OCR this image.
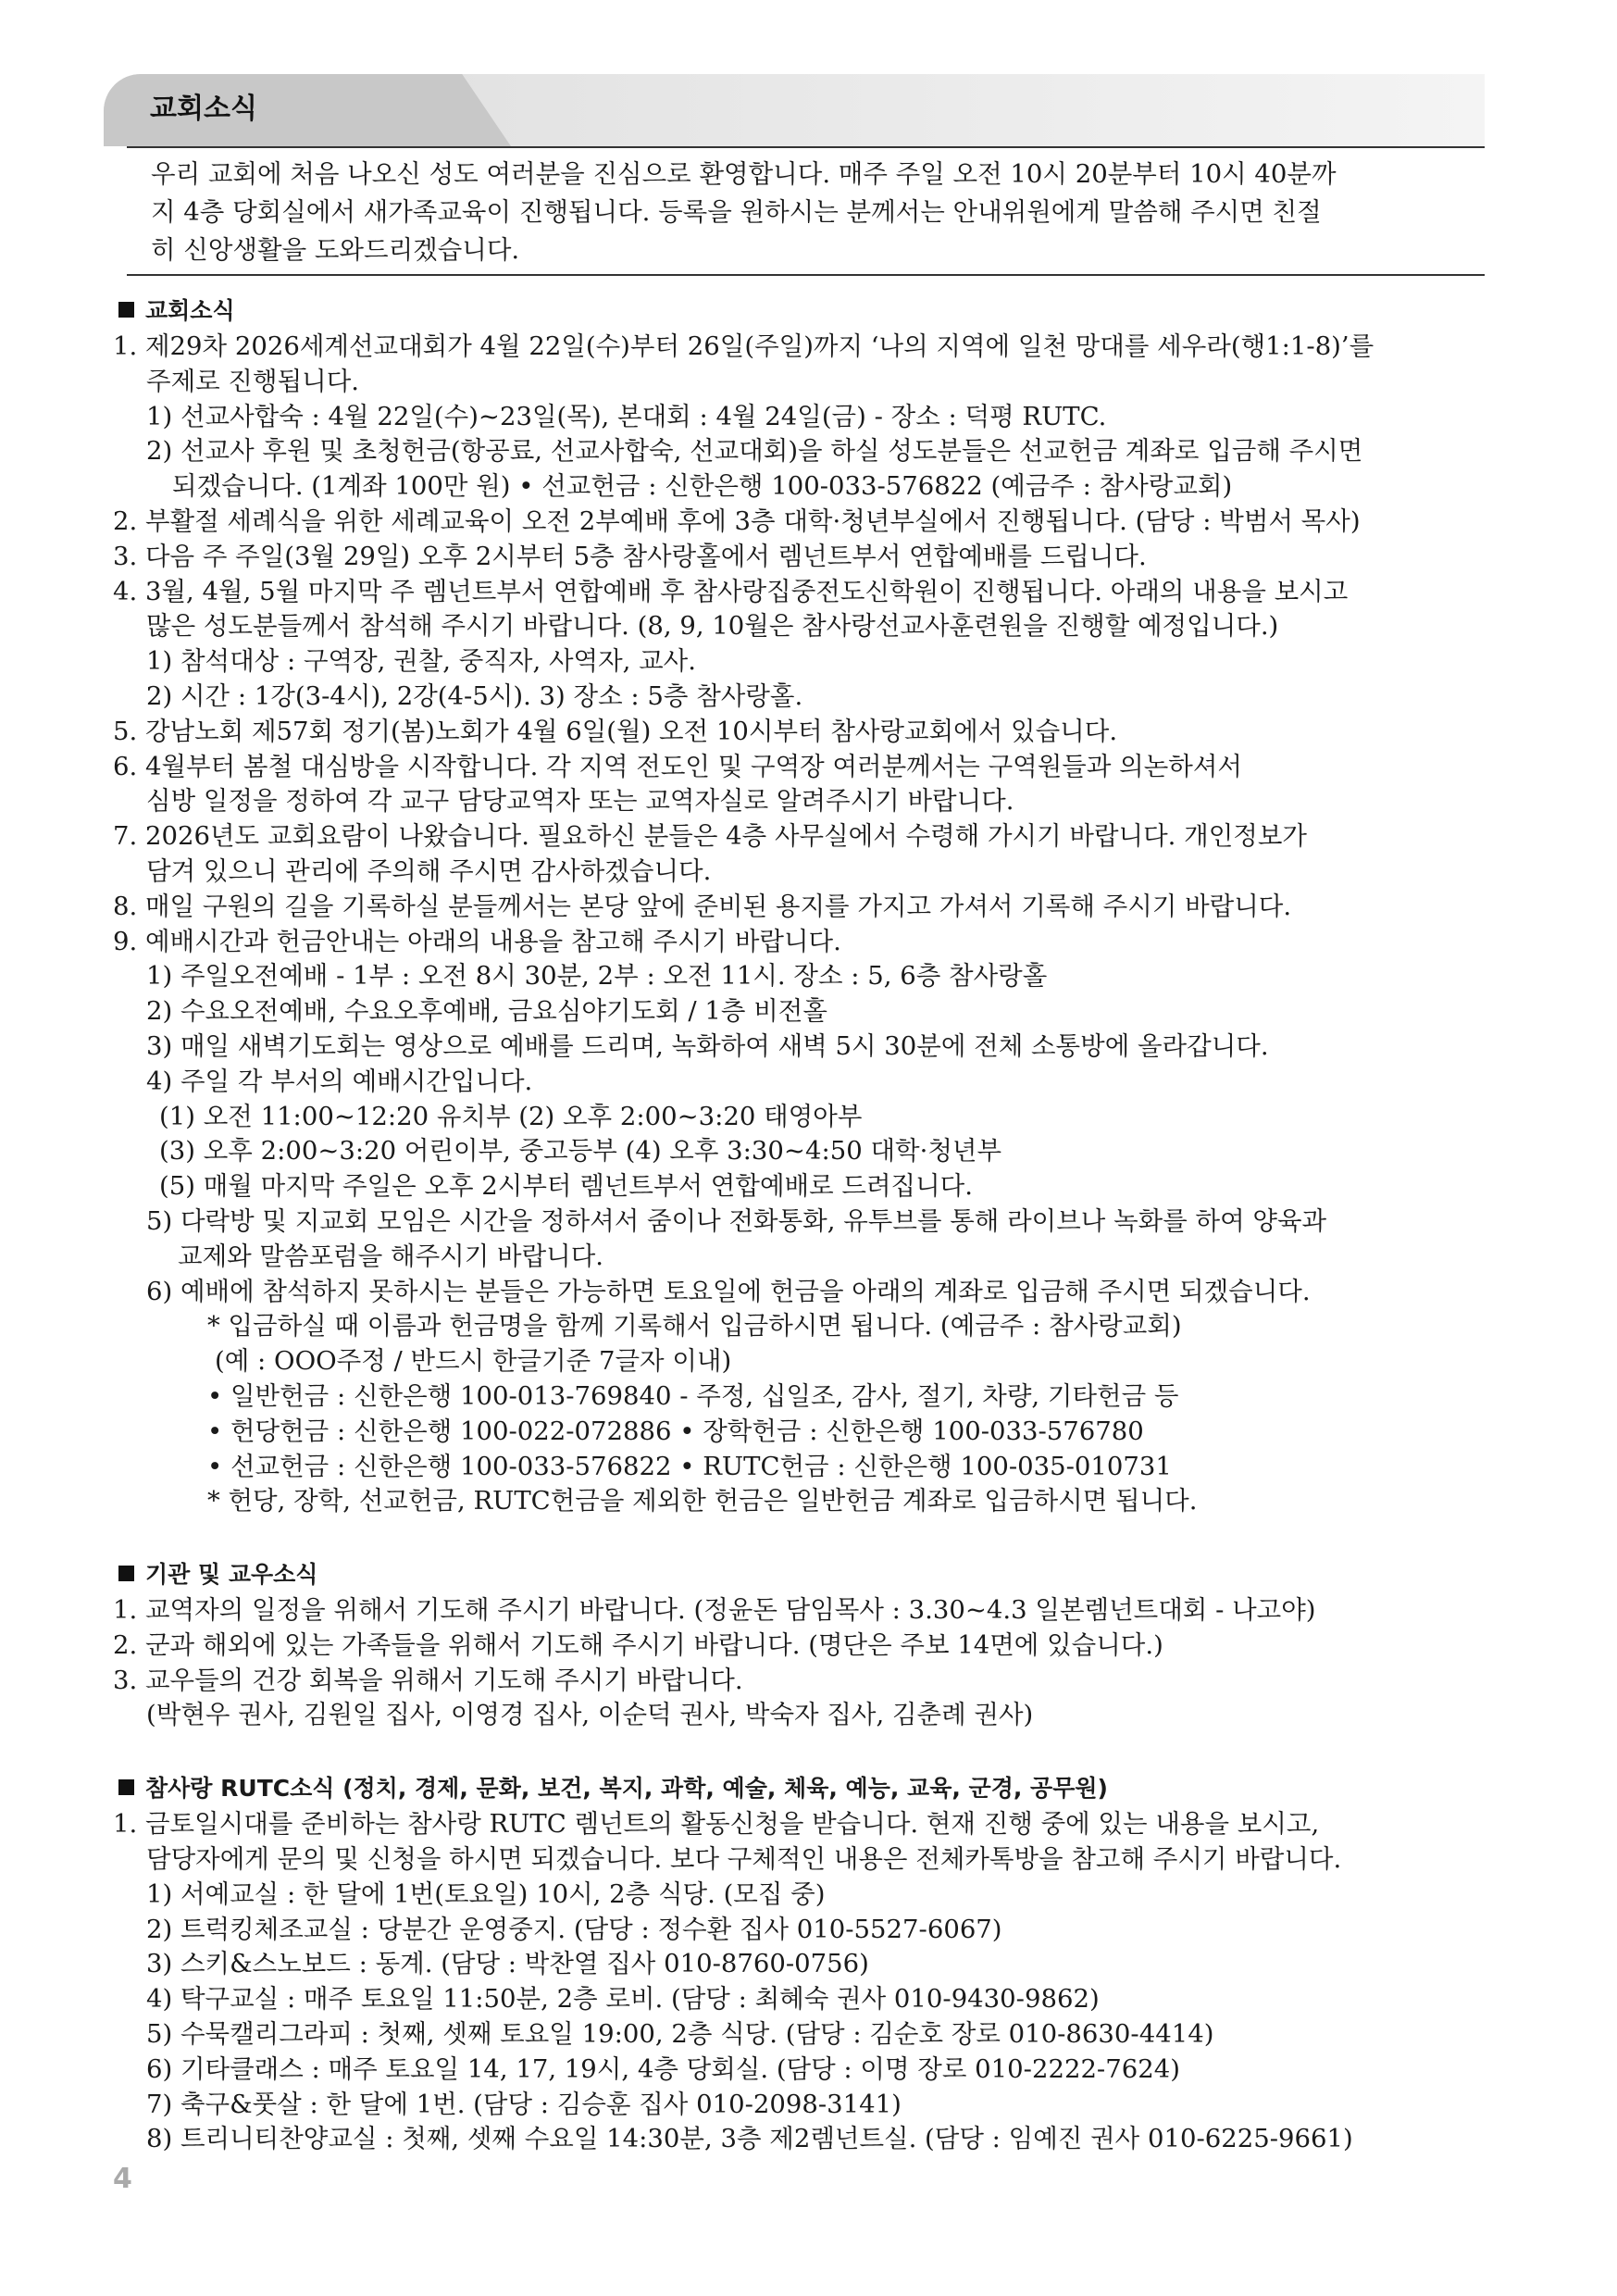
교회소식
우리 교회에 처음 나오신 성도 여러분을 진심으로 환영합니다. 매주 주일 오전 10시 20분부터 10시 40분까
지 4층 당회실에서 새가족교육이 진행됩니다. 등록을 원하시는 분께서는 안내위원에게 말씀해 주시면 친절
히 신앙생활을 도와드리겠습니다.
교회소식
1. 제29차 2026세계선교대회가 4월 22일(수)부터 26일(주일)까지 ‘나의 지역에 일천 망대를 세우라(행1:1-8)’를
주제로 진행됩니다.
1) 선교사합숙 : 4월 22일(수)~23일(목), 본대회 : 4월 24일(금) - 장소 : 덕평 RUTC.
2) 선교사 후원 및 초청헌금(항공료, 선교사합숙, 선교대회)을 하실 성도분들은 선교헌금 계좌로 입금해 주시면
되겠습니다. (1계좌 100만 원) • 선교헌금 : 신한은행 100-033-576822 (예금주 : 참사랑교회)
2. 부활절 세례식을 위한 세례교육이 오전 2부예배 후에 3층 대학·청년부실에서 진행됩니다. (담당 : 박범서 목사)
3. 다음 주 주일(3월 29일) 오후 2시부터 5층 참사랑홀에서 렘넌트부서 연합예배를 드립니다.
4. 3월, 4월, 5월 마지막 주 렘넌트부서 연합예배 후 참사랑집중전도신학원이 진행됩니다. 아래의 내용을 보시고
많은 성도분들께서 참석해 주시기 바랍니다. (8, 9, 10월은 참사랑선교사훈련원을 진행할 예정입니다.)
1) 참석대상 : 구역장, 권찰, 중직자, 사역자, 교사.
2) 시간 : 1강(3-4시), 2강(4-5시). 3) 장소 : 5층 참사랑홀.
5. 강남노회 제57회 정기(봄)노회가 4월 6일(월) 오전 10시부터 참사랑교회에서 있습니다.
6. 4월부터 봄철 대심방을 시작합니다. 각 지역 전도인 및 구역장 여러분께서는 구역원들과 의논하셔서
심방 일정을 정하여 각 교구 담당교역자 또는 교역자실로 알려주시기 바랍니다.
7. 2026년도 교회요람이 나왔습니다. 필요하신 분들은 4층 사무실에서 수령해 가시기 바랍니다. 개인정보가
담겨 있으니 관리에 주의해 주시면 감사하겠습니다.
8. 매일 구원의 길을 기록하실 분들께서는 본당 앞에 준비된 용지를 가지고 가셔서 기록해 주시기 바랍니다.
9. 예배시간과 헌금안내는 아래의 내용을 참고해 주시기 바랍니다.
1) 주일오전예배 - 1부 : 오전 8시 30분, 2부 : 오전 11시. 장소 : 5, 6층 참사랑홀
2) 수요오전예배, 수요오후예배, 금요심야기도회 / 1층 비전홀
3) 매일 새벽기도회는 영상으로 예배를 드리며, 녹화하여 새벽 5시 30분에 전체 소통방에 올라갑니다.
4) 주일 각 부서의 예배시간입니다.
(1) 오전 11:00~12:20 유치부 (2) 오후 2:00~3:20 태영아부
(3) 오후 2:00~3:20 어린이부, 중고등부 (4) 오후 3:30~4:50 대학·청년부
(5) 매월 마지막 주일은 오후 2시부터 렘넌트부서 연합예배로 드려집니다.
5) 다락방 및 지교회 모임은 시간을 정하셔서 줌이나 전화통화, 유투브를 통해 라이브나 녹화를 하여 양육과
교제와 말씀포럼을 해주시기 바랍니다.
6) 예배에 참석하지 못하시는 분들은 가능하면 토요일에 헌금을 아래의 계좌로 입금해 주시면 되겠습니다.
* 입금하실 때 이름과 헌금명을 함께 기록해서 입금하시면 됩니다. (예금주 : 참사랑교회)
(예 : OOO주정 / 반드시 한글기준 7글자 이내)
• 일반헌금 : 신한은행 100-013-769840 - 주정, 십일조, 감사, 절기, 차량, 기타헌금 등
• 헌당헌금 : 신한은행 100-022-072886 • 장학헌금 : 신한은행 100-033-576780
• 선교헌금 : 신한은행 100-033-576822 • RUTC헌금 : 신한은행 100-035-010731
* 헌당, 장학, 선교헌금, RUTC헌금을 제외한 헌금은 일반헌금 계좌로 입금하시면 됩니다.
기관 및 교우소식
1. 교역자의 일정을 위해서 기도해 주시기 바랍니다. (정윤돈 담임목사 : 3.30~4.3 일본렘넌트대회 - 나고야)
2. 군과 해외에 있는 가족들을 위해서 기도해 주시기 바랍니다. (명단은 주보 14면에 있습니다.)
3. 교우들의 건강 회복을 위해서 기도해 주시기 바랍니다.
(박현우 권사, 김원일 집사, 이영경 집사, 이순덕 권사, 박숙자 집사, 김춘례 권사)
참사랑 RUTC소식 (정치, 경제, 문화, 보건, 복지, 과학, 예술, 체육, 예능, 교육, 군경, 공무원)
1. 금토일시대를 준비하는 참사랑 RUTC 렘넌트의 활동신청을 받습니다. 현재 진행 중에 있는 내용을 보시고,
담당자에게 문의 및 신청을 하시면 되겠습니다. 보다 구체적인 내용은 전체카톡방을 참고해 주시기 바랍니다.
1) 서예교실 : 한 달에 1번(토요일) 10시, 2층 식당. (모집 중)
2) 트럭킹체조교실 : 당분간 운영중지. (담당 : 정수환 집사 010-5527-6067)
3) 스키&스노보드 : 동계. (담당 : 박찬열 집사 010-8760-0756)
4) 탁구교실 : 매주 토요일 11:50분, 2층 로비. (담당 : 최혜숙 권사 010-9430-9862)
5) 수묵캘리그라피 : 첫째, 셋째 토요일 19:00, 2층 식당. (담당 : 김순호 장로 010-8630-4414)
6) 기타클래스 : 매주 토요일 14, 17, 19시, 4층 당회실. (담당 : 이명 장로 010-2222-7624)
7) 축구&풋살 : 한 달에 1번. (담당 : 김승훈 집사 010-2098-3141)
8) 트리니티찬양교실 : 첫째, 셋째 수요일 14:30분, 3층 제2렘넌트실. (담당 : 임예진 권사 010-6225-9661)
4
